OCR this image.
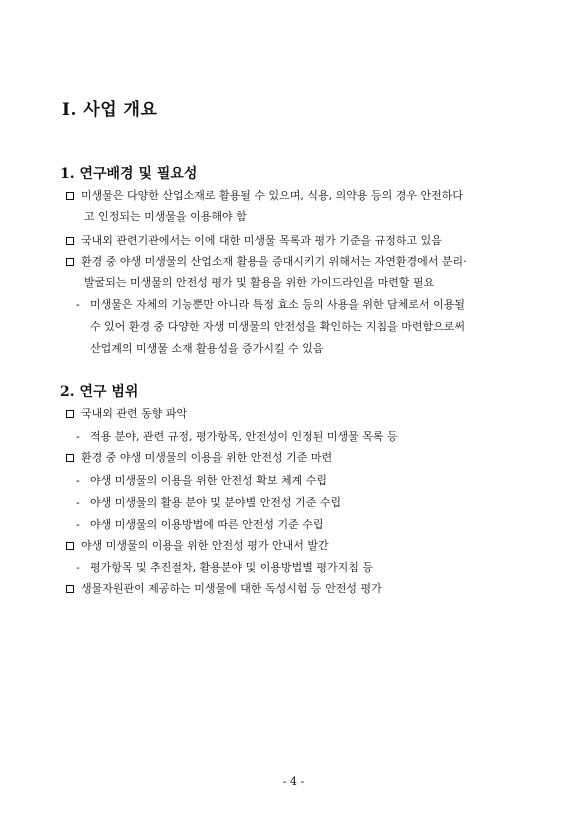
Ⅰ. 사업 개요
1. 연구배경 및 필요성
미생물은 다양한 산업소재로 활용될 수 있으며, 식용, 의약용 등의 경우 안전하다
고 인정되는 미생물을 이용해야 함
국내외 관련기관에서는 이에 대한 미생물 목록과 평가 기준을 규정하고 있음
환경 중 야생 미생물의 산업소재 활용을 증대시키기 위해서는 자연환경에서 분리·
발굴되는 미생물의 안전성 평가 및 활용을 위한 가이드라인을 마련할 필요
- 미생물은 자체의 기능뿐만 아니라 특정 효소 등의 사용을 위한 담체로서 이용될
수 있어 환경 중 다양한 자생 미생물의 안전성을 확인하는 지침을 마련함으로써
산업계의 미생물 소재 활용성을 증가시킬 수 있음
2. 연구 범위
국내외 관련 동향 파악
- 적용 분야, 관련 규정, 평가항목, 안전성이 인정된 미생물 목록 등
환경 중 야생 미생물의 이용을 위한 안전성 기준 마련
- 야생 미생물의 이용을 위한 안전성 확보 체계 수립
- 야생 미생물의 활용 분야 및 분야별 안전성 기준 수립
- 야생 미생물의 이용방법에 따른 안전성 기준 수립
야생 미생물의 이용을 위한 안전성 평가 안내서 발간
- 평가항목 및 추진절차, 활용분야 및 이용방법별 평가지침 등
생물자원관이 제공하는 미생물에 대한 독성시험 등 안전성 평가
- 4 -
